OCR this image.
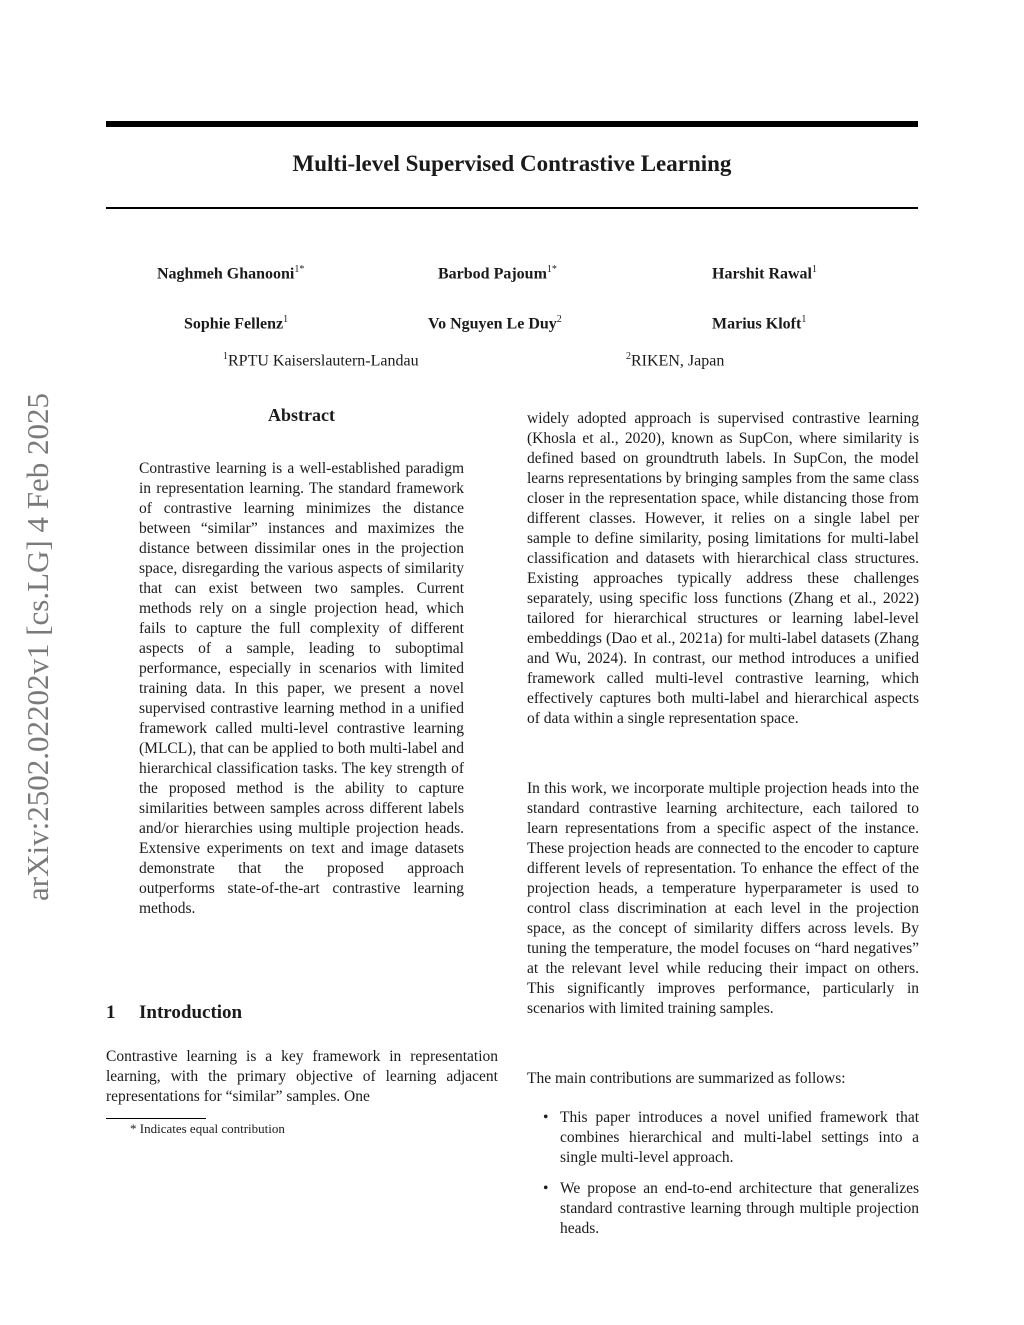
arXiv:2502.02202v1 [cs.LG] 4 Feb 2025
Multi-level Supervised Contrastive Learning
Naghmeh Ghanooni$^{1*}$	Barbod Pajoum$^{1*}$	Harshit Rawal$^1$
Sophie Fellenz$^1$	Vo Nguyen Le Duy$^2$	Marius Kloft$^1$
$^1$RPTU Kaiserslautern-Landau	$^2$RIKEN, Japan
Abstract

Contrastive learning is a well-established paradigm in representation learning. The standard framework of contrastive learning minimizes the distance between “similar” instances and maximizes the distance between dissimilar ones in the projection space, disregarding the various aspects of similarity that can exist between two samples. Current methods rely on a single projection head, which fails to capture the full complexity of different aspects of a sample, leading to suboptimal performance, especially in scenarios with limited training data. In this paper, we present a novel supervised contrastive learning method in a unified framework called multi-level contrastive learning (MLCL), that can be applied to both multi-label and hierarchical classification tasks. The key strength of the proposed method is the ability to capture similarities between samples across different labels and/or hierarchies using multiple projection heads. Extensive experiments on text and image datasets demonstrate that the proposed approach outperforms state-of-the-art contrastive learning methods.

1 Introduction

Contrastive learning is a key framework in representation learning, with the primary objective of learning adjacent representations for “similar” samples. One

* Indicates equal contribution

widely adopted approach is supervised contrastive learning (Khosla et al., 2020), known as SupCon, where similarity is defined based on groundtruth labels. In SupCon, the model learns representations by bringing samples from the same class closer in the representation space, while distancing those from different classes. However, it relies on a single label per sample to define similarity, posing limitations for multi-label classification and datasets with hierarchical class structures. Existing approaches typically address these challenges separately, using specific loss functions (Zhang et al., 2022) tailored for hierarchical structures or learning label-level embeddings (Dao et al., 2021a) for multi-label datasets (Zhang and Wu, 2024). In contrast, our method introduces a unified framework called multi-level contrastive learning, which effectively captures both multi-label and hierarchical aspects of data within a single representation space.

In this work, we incorporate multiple projection heads into the standard contrastive learning architecture, each tailored to learn representations from a specific aspect of the instance. These projection heads are connected to the encoder to capture different levels of representation. To enhance the effect of the projection heads, a temperature hyperparameter is used to control class discrimination at each level in the projection space, as the concept of similarity differs across levels. By tuning the temperature, the model focuses on “hard negatives” at the relevant level while reducing their impact on others. This significantly improves performance, particularly in scenarios with limited training samples.

The main contributions are summarized as follows:

• This paper introduces a novel unified framework that combines hierarchical and multi-label settings into a single multi-level approach.
• We propose an end-to-end architecture that generalizes standard contrastive learning through multiple projection heads.
